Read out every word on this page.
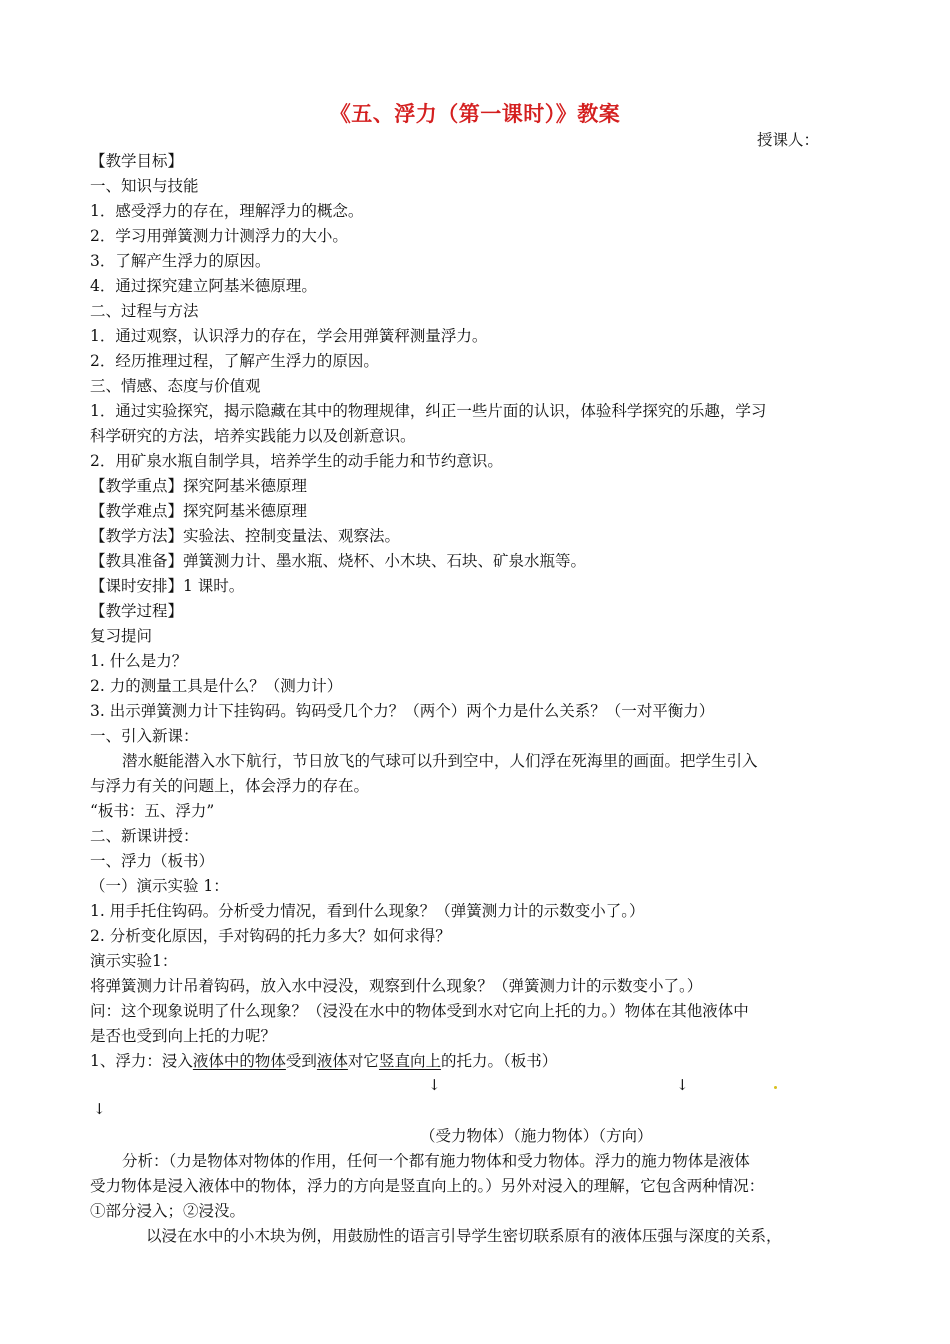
《五、浮力（第一课时）》教案
授课人：
【教学目标】
一、知识与技能
1．感受浮力的存在，理解浮力的概念。
2．学习用弹簧测力计测浮力的大小。
3．了解产生浮力的原因。
4．通过探究建立阿基米德原理。
二、过程与方法
1．通过观察，认识浮力的存在，学会用弹簧秤测量浮力。
2．经历推理过程，了解产生浮力的原因。
三、情感、态度与价值观
1．通过实验探究，揭示隐藏在其中的物理规律，纠正一些片面的认识，体验科学探究的乐趣，学习
科学研究的方法，培养实践能力以及创新意识。
2．用矿泉水瓶自制学具，培养学生的动手能力和节约意识。
【教学重点】探究阿基米德原理
【教学难点】探究阿基米德原理
【教学方法】实验法、控制变量法、观察法。
【教具准备】弹簧测力计、墨水瓶、烧杯、小木块、石块、矿泉水瓶等。
【课时安排】1 课时。
【教学过程】
复习提问
1. 什么是力？
2. 力的测量工具是什么？（测力计）
3. 出示弹簧测力计下挂钩码。钩码受几个力？（两个）两个力是什么关系？（一对平衡力）
一、引入新课：
潜水艇能潜入水下航行，节日放飞的气球可以升到空中，人们浮在死海里的画面。把学生引入
与浮力有关的问题上，体会浮力的存在。
“板书：五、浮力”
二、新课讲授：
一、浮力（板书）
（一）演示实验 1：
1. 用手托住钩码。分析受力情况，看到什么现象？（弹簧测力计的示数变小了。）
2. 分析变化原因，手对钩码的托力多大？如何求得？
演示实验1：
将弹簧测力计吊着钩码，放入水中浸没，观察到什么现象？（弹簧测力计的示数变小了。）
问：这个现象说明了什么现象？（浸没在水中的物体受到水对它向上托的力。）物体在其他液体中
是否也受到向上托的力呢？
1、浮力：浸入液体中的物体受到液体对它竖直向上的托力。（板书）
↓	↓
↓
（受力物体）（施力物体）（方向）
分析：（力是物体对物体的作用，任何一个都有施力物体和受力物体。浮力的施力物体是液体
受力物体是浸入液体中的物体，浮力的方向是竖直向上的。）另外对浸入的理解，它包含两种情况：
①部分浸入；②浸没。
以浸在水中的小木块为例，用鼓励性的语言引导学生密切联系原有的液体压强与深度的关系，
